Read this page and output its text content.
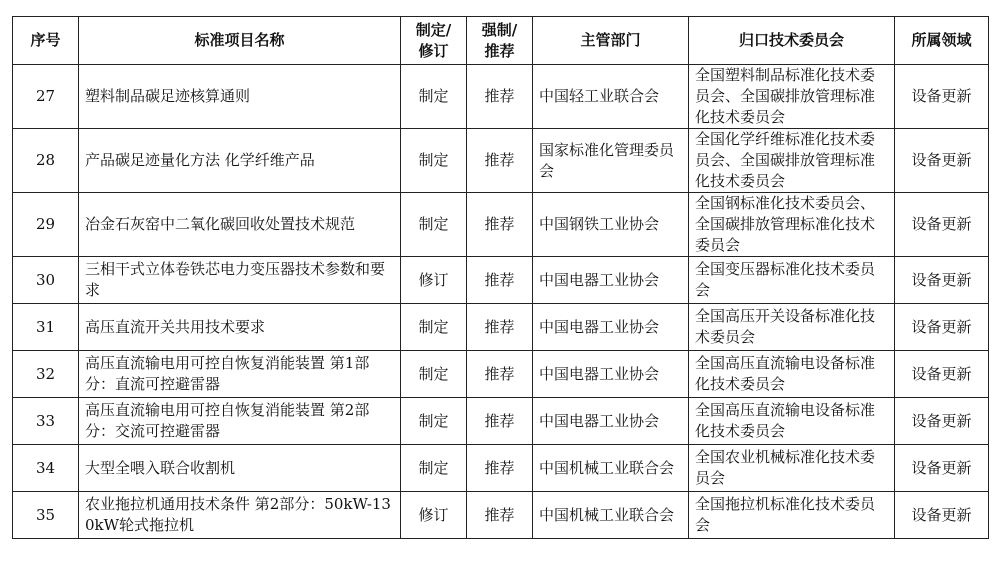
序号	标准项目名称	制定/修订	强制/推荐	主管部门	归口技术委员会	所属领域
27	塑料制品碳足迹核算通则	制定	推荐	中国轻工业联合会	全国塑料制品标准化技术委员会、全国碳排放管理标准化技术委员会	设备更新
28	产品碳足迹量化方法 化学纤维产品	制定	推荐	国家标准化管理委员会	全国化学纤维标准化技术委员会、全国碳排放管理标准化技术委员会	设备更新
29	冶金石灰窑中二氧化碳回收处置技术规范	制定	推荐	中国钢铁工业协会	全国钢标准化技术委员会、全国碳排放管理标准化技术委员会	设备更新
30	三相干式立体卷铁芯电力变压器技术参数和要求	修订	推荐	中国电器工业协会	全国变压器标准化技术委员会	设备更新
31	高压直流开关共用技术要求	制定	推荐	中国电器工业协会	全国高压开关设备标准化技术委员会	设备更新
32	高压直流输电用可控自恢复消能装置 第1部分：直流可控避雷器	制定	推荐	中国电器工业协会	全国高压直流输电设备标准化技术委员会	设备更新
33	高压直流输电用可控自恢复消能装置 第2部分：交流可控避雷器	制定	推荐	中国电器工业协会	全国高压直流输电设备标准化技术委员会	设备更新
34	大型全喂入联合收割机	制定	推荐	中国机械工业联合会	全国农业机械标准化技术委员会	设备更新
35	农业拖拉机通用技术条件 第2部分：50kW-130kW轮式拖拉机	修订	推荐	中国机械工业联合会	全国拖拉机标准化技术委员会	设备更新
